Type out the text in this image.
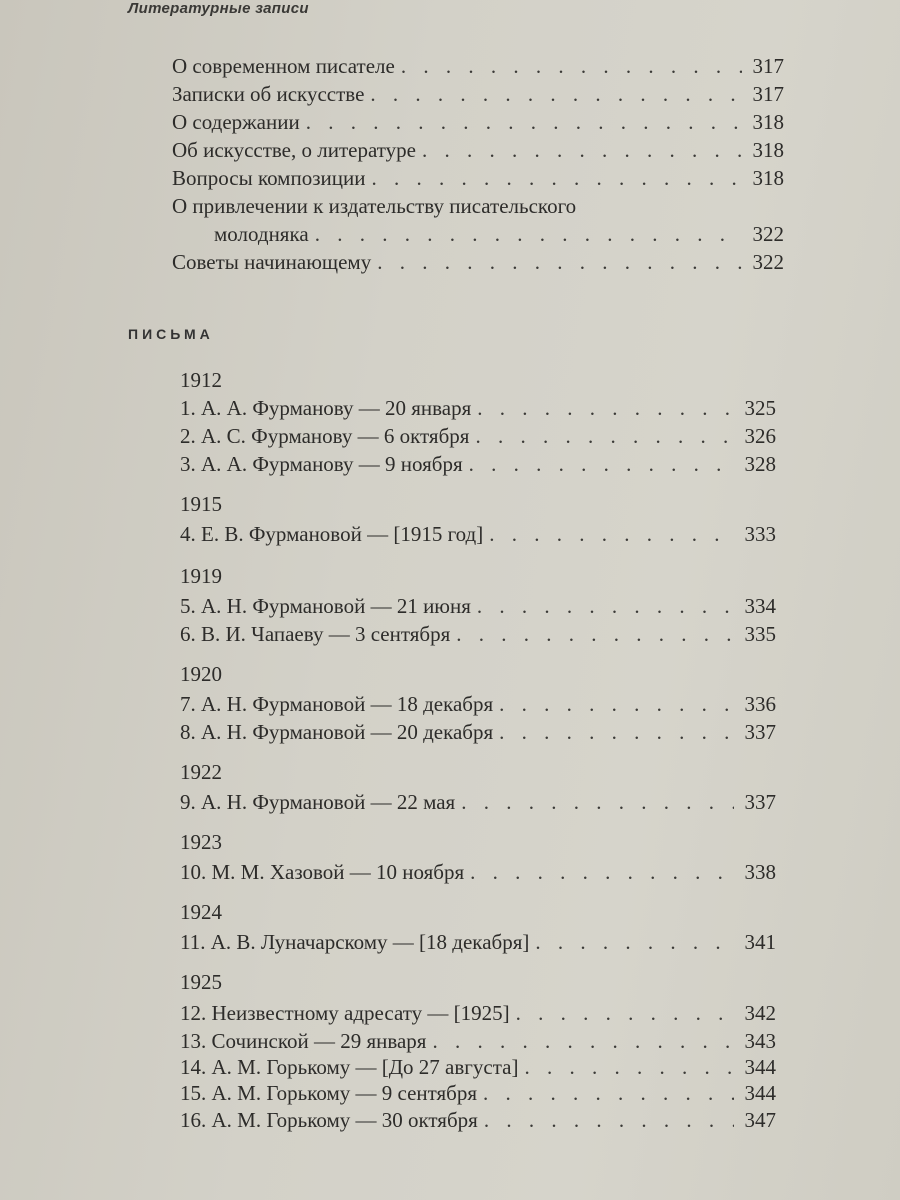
Литературные записи
О современном писателе . . .	317
Записки об искусстве . . .	317
О содержании . . .	318
Об искусстве, о литературе . . .	318
Вопросы композиции . . .	318
О привлечении к издательству писательского
молодняка . . .	322
Советы начинающему . . .	322
ПИСЬМА
1912
1. А. А. Фурманову — 20 января . . .	325
2. А. С. Фурманову — 6 октября . . .	326
3. А. А. Фурманову — 9 ноября . . .	328
1915
4. Е. В. Фурмановой — [1915 год] . . .	333
1919
5. А. Н. Фурмановой — 21 июня . . .	334
6. В. И. Чапаеву — 3 сентября . . .	335
1920
7. А. Н. Фурмановой — 18 декабря . . .	336
8. А. Н. Фурмановой — 20 декабря . . .	337
1922
9. А. Н. Фурмановой — 22 мая . . .	337
1923
10. М. М. Хазовой — 10 ноября . . .	338
1924
11. А. В. Луначарскому — [18 декабря] . . .	341
1925
12. Неизвестному адресату — [1925] . . .	342
13. Сочинской — 29 января . . .	343
14. А. М. Горькому — [До 27 августа] . . .	344
15. А. М. Горькому — 9 сентября . . .	344
16. А. М. Горькому — 30 октября . . .	347
